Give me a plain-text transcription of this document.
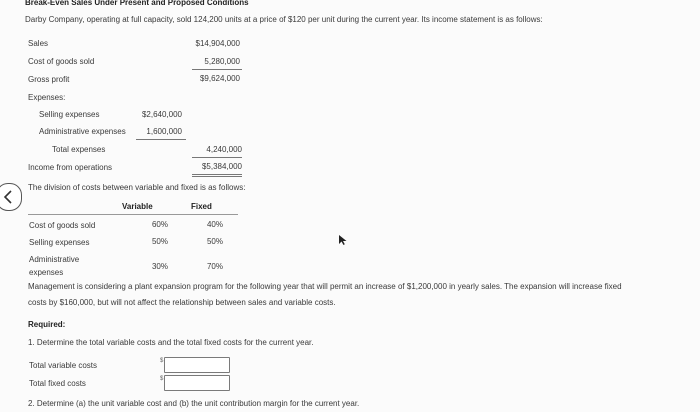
Break-Even Sales Under Present and Proposed Conditions
Darby Company, operating at full capacity, sold 124,200 units at a price of $120 per unit during the current year. Its income statement is as follows:
Sales	$14,904,000
Cost of goods sold	5,280,000
Gross profit	$9,624,000
Expenses:
Selling expenses	$2,640,000
Administrative expenses	1,600,000
Total expenses	4,240,000
Income from operations	$5,384,000
The division of costs between variable and fixed is as follows:
Variable	Fixed
Cost of goods sold	60%	40%
Selling expenses	50%	50%
Administrative
expenses
30%	70%
Management is considering a plant expansion program for the following year that will permit an increase of $1,200,000 in yearly sales. The expansion will increase fixed
costs by $160,000, but will not affect the relationship between sales and variable costs.
Required:
1. Determine the total variable costs and the total fixed costs for the current year.
Total variable costs	$
Total fixed costs	$
2. Determine (a) the unit variable cost and (b) the unit contribution margin for the current year.
